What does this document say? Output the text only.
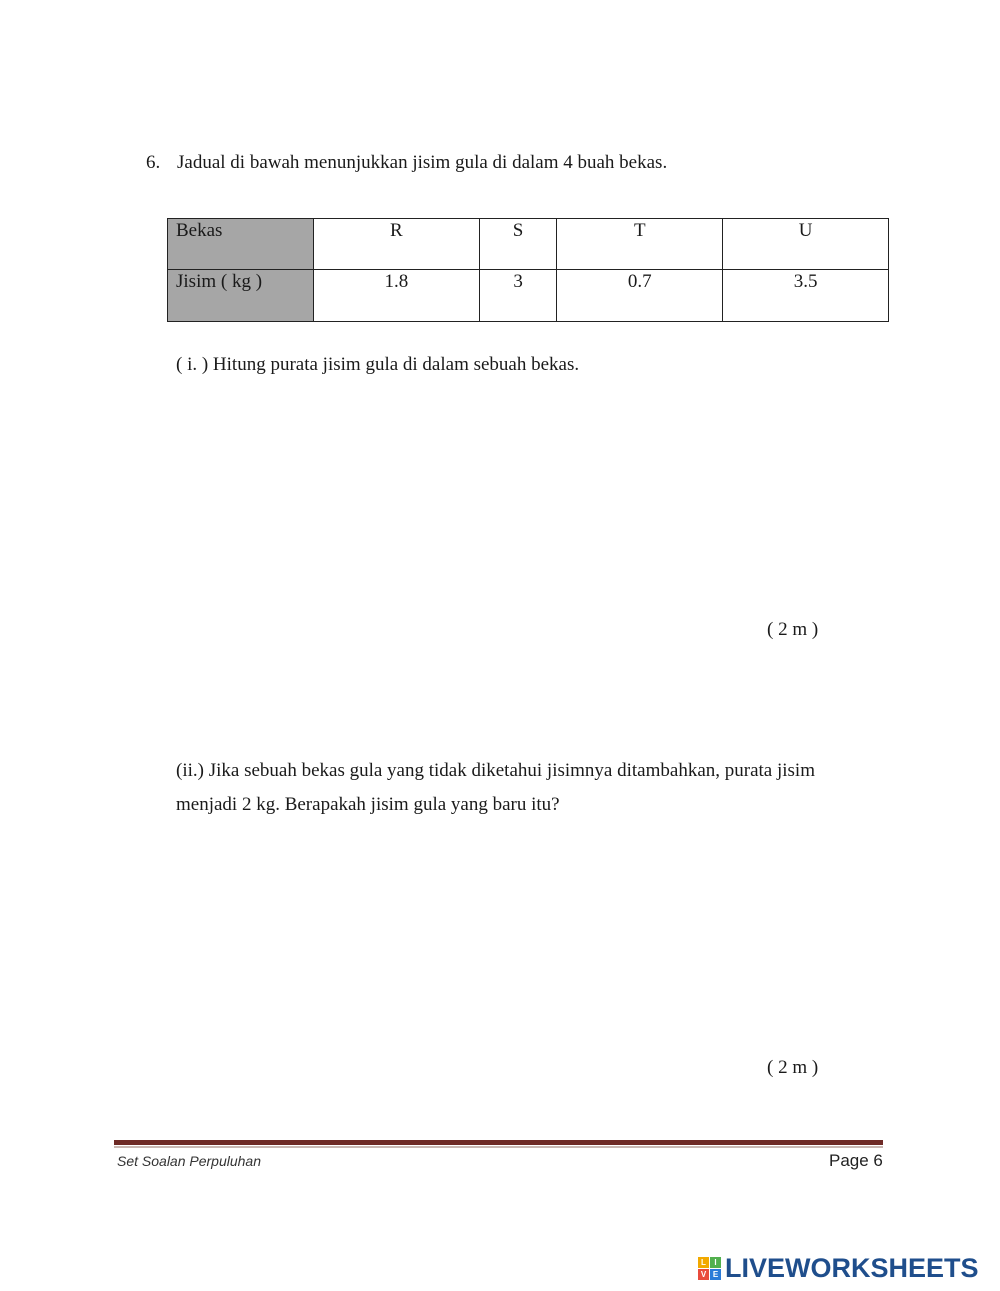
6. Jadual di bawah menunjukkan jisim gula di dalam 4 buah bekas.
Bekas	R	S	T	U
Jisim ( kg )	1.8	3	0.7	3.5
( i. ) Hitung purata jisim gula di dalam sebuah bekas.
( 2 m )
(ii.) Jika sebuah bekas gula yang tidak diketahui jisimnya ditambahkan, purata jisim
menjadi 2 kg. Berapakah jisim gula yang baru itu?
( 2 m )
Set Soalan Perpuluhan	Page 6
L	I
V E LIVEWORKSHEETS
